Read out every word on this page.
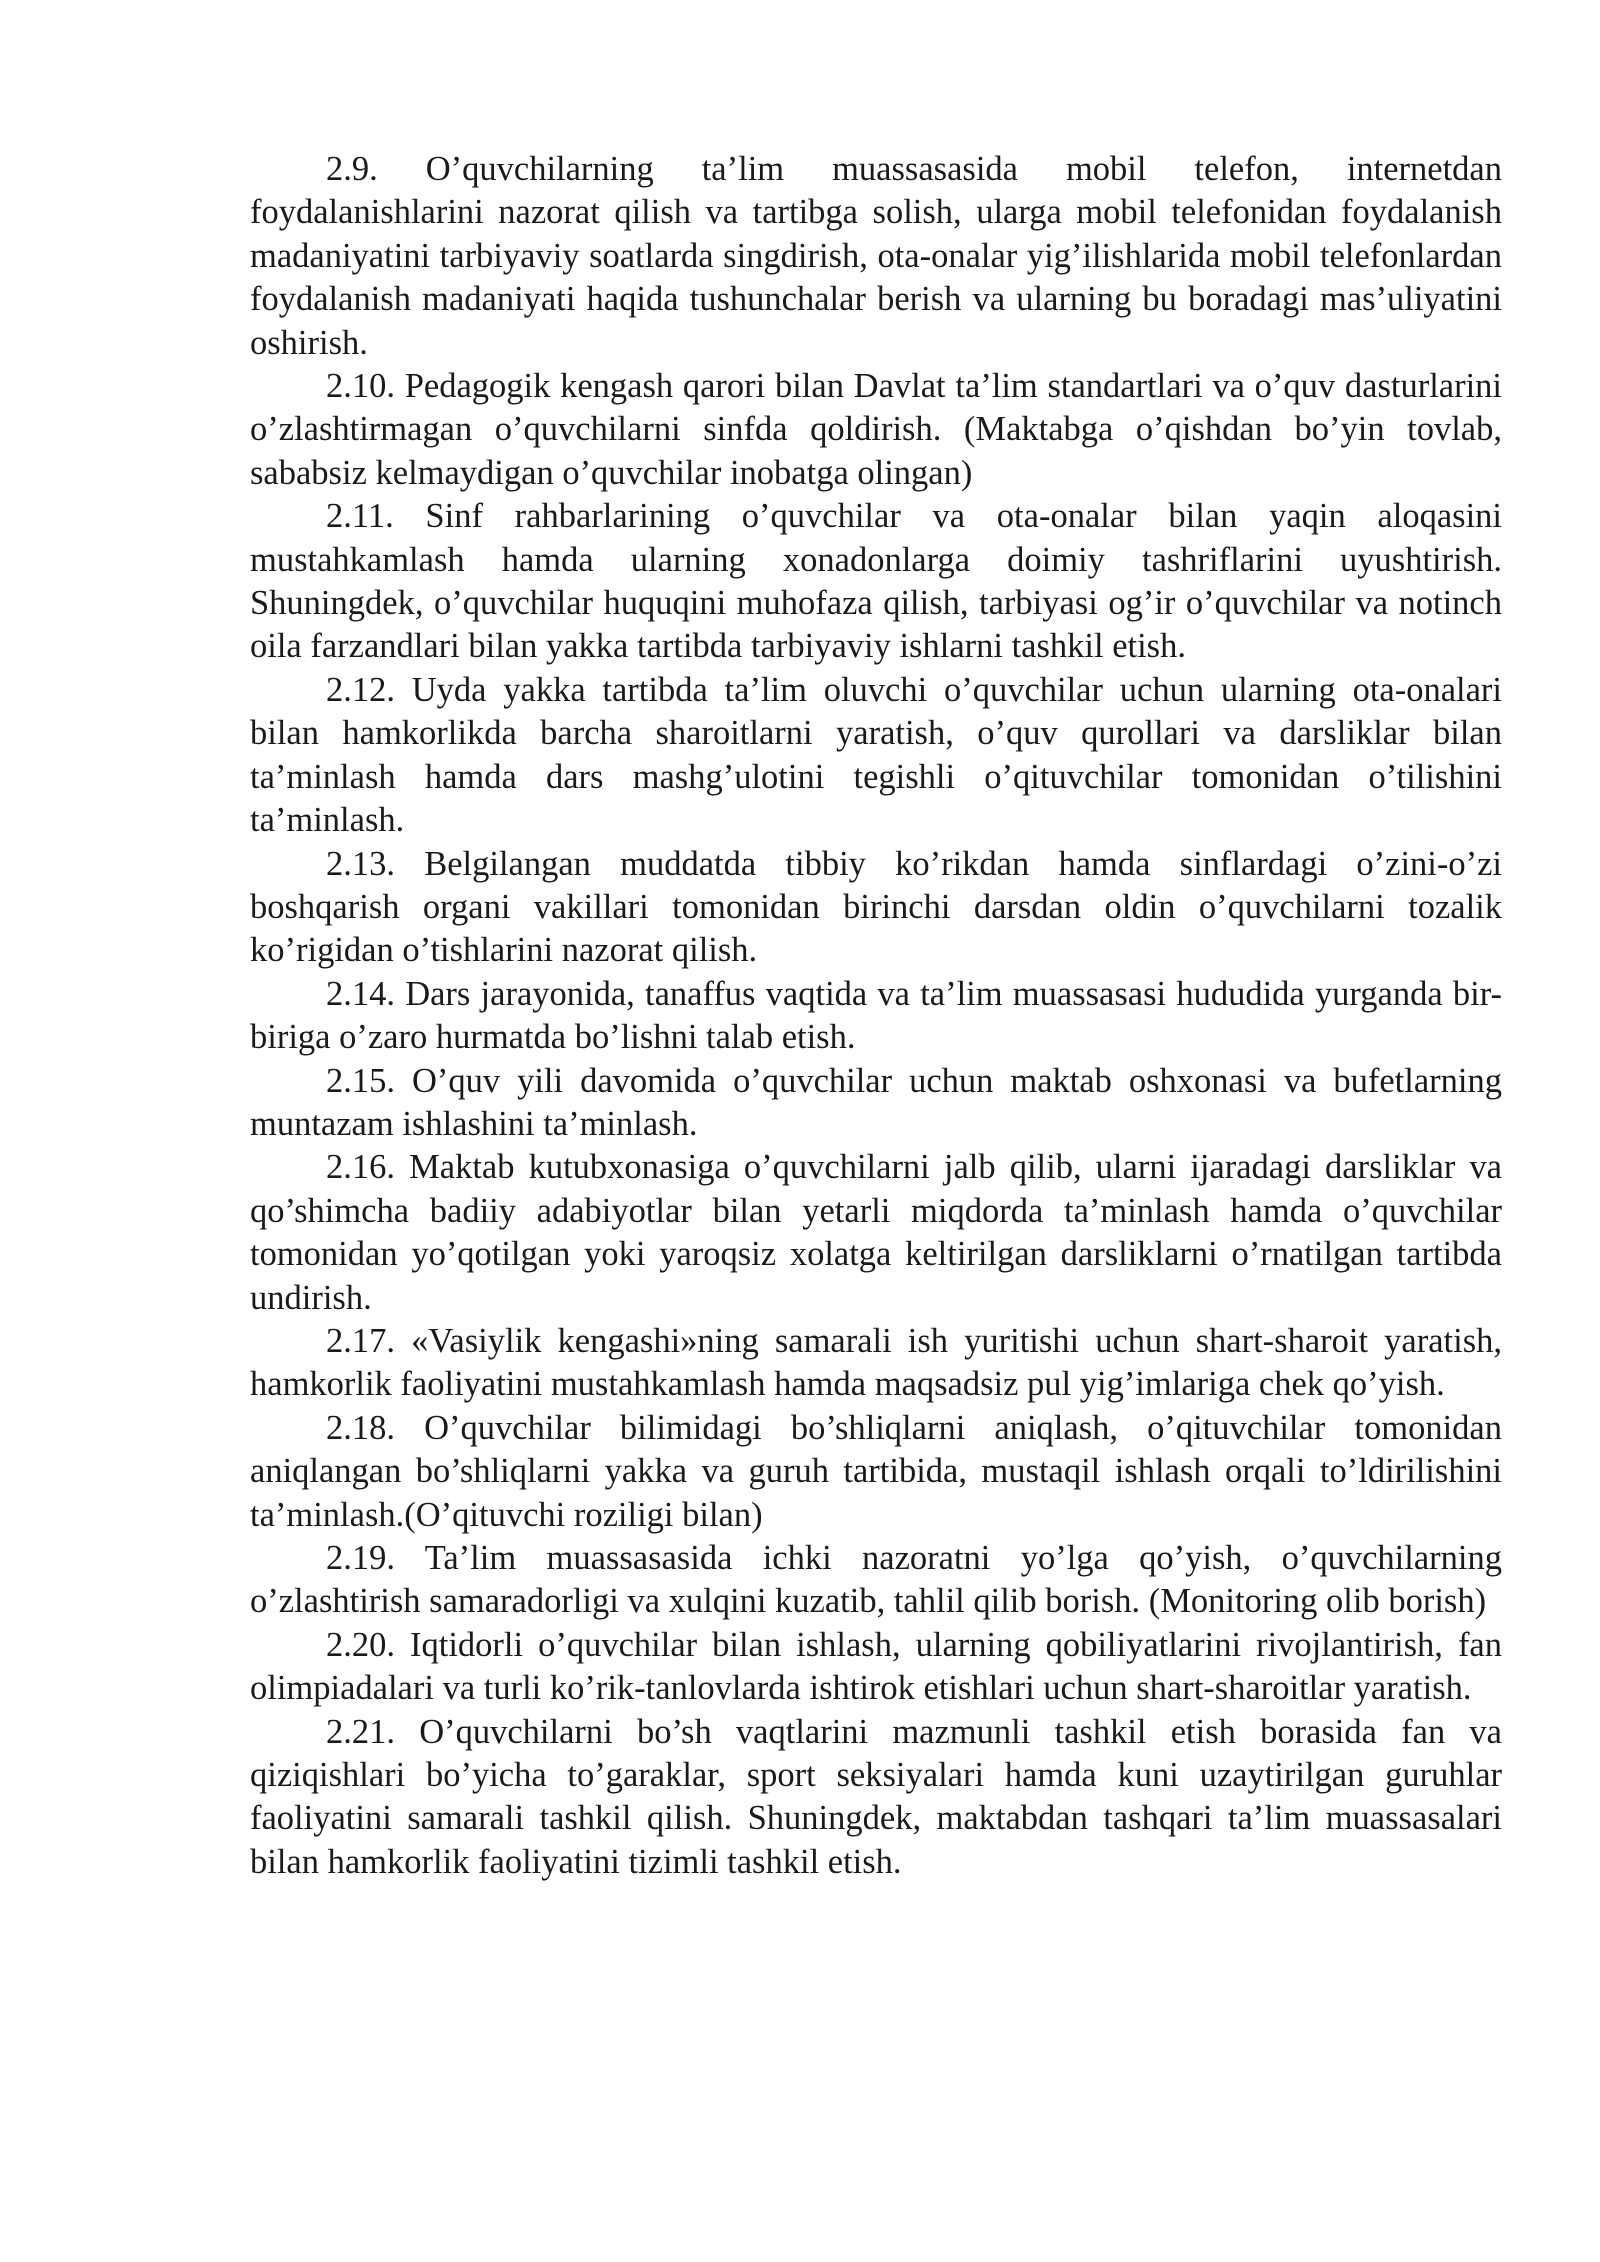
2.9. O’quvchilarning ta’lim muassasasida mobil telefon, internetdan foydalanishlarini nazorat qilish va tartibga solish, ularga mobil telefonidan foydalanish madaniyatini tarbiyaviy soatlarda singdirish, ota-onalar yig’ilishlarida mobil telefonlardan foydalanish madaniyati haqida tushunchalar berish va ularning bu boradagi mas’uliyatini oshirish.

2.10. Pedagogik kengash qarori bilan Davlat ta’lim standartlari va o’quv dasturlarini o’zlashtirmagan o’quvchilarni sinfda qoldirish. (Maktabga o’qishdan bo’yin tovlab, sababsiz kelmaydigan o’quvchilar inobatga olingan)

2.11. Sinf rahbarlarining o’quvchilar va ota-onalar bilan yaqin aloqasini mustahkamlash hamda ularning xonadonlarga doimiy tashriflarini uyushtirish. Shuningdek, o’quvchilar huquqini muhofaza qilish, tarbiyasi og’ir o’quvchilar va notinch oila farzandlari bilan yakka tartibda tarbiyaviy ishlarni tashkil etish.

2.12. Uyda yakka tartibda ta’lim oluvchi o’quvchilar uchun ularning ota-onalari bilan hamkorlikda barcha sharoitlarni yaratish, o’quv qurollari va darsliklar bilan ta’minlash hamda dars mashg’ulotini tegishli o’qituvchilar tomonidan o’tilishini ta’minlash.

2.13. Belgilangan muddatda tibbiy ko’rikdan hamda sinflardagi o’zini-o’zi boshqarish organi vakillari tomonidan birinchi darsdan oldin o’quvchilarni tozalik ko’rigidan o’tishlarini nazorat qilish.

2.14. Dars jarayonida, tanaffus vaqtida va ta’lim muassasasi hududida yurganda bir-biriga o’zaro hurmatda bo’lishni talab etish.

2.15. O’quv yili davomida o’quvchilar uchun maktab oshxonasi va bufetlarning muntazam ishlashini ta’minlash.

2.16. Maktab kutubxonasiga o’quvchilarni jalb qilib, ularni ijaradagi darsliklar va qo’shimcha badiiy adabiyotlar bilan yetarli miqdorda ta’minlash hamda o’quvchilar tomonidan yo’qotilgan yoki yaroqsiz xolatga keltirilgan darsliklarni o’rnatilgan tartibda undirish.

2.17. «Vasiylik kengashi»ning samarali ish yuritishi uchun shart-sharoit yaratish, hamkorlik faoliyatini mustahkamlash hamda maqsadsiz pul yig’imlariga chek qo’yish.

2.18. O’quvchilar bilimidagi bo’shliqlarni aniqlash, o’qituvchilar tomonidan aniqlangan bo’shliqlarni yakka va guruh tartibida, mustaqil ishlash orqali to’ldirilishini ta’minlash.(O’qituvchi roziligi bilan)

2.19. Ta’lim muassasasida ichki nazoratni yo’lga qo’yish, o’quvchilarning o’zlashtirish samaradorligi va xulqini kuzatib, tahlil qilib borish. (Monitoring olib borish)

2.20. Iqtidorli o’quvchilar bilan ishlash, ularning qobiliyatlarini rivojlantirish, fan olimpiadalari va turli ko’rik-tanlovlarda ishtirok etishlari uchun shart-sharoitlar yaratish.

2.21. O’quvchilarni bo’sh vaqtlarini mazmunli tashkil etish borasida fan va qiziqishlari bo’yicha to’garaklar, sport seksiyalari hamda kuni uzaytirilgan guruhlar faoliyatini samarali tashkil qilish. Shuningdek, maktabdan tashqari ta’lim muassasalari bilan hamkorlik faoliyatini tizimli tashkil etish.
